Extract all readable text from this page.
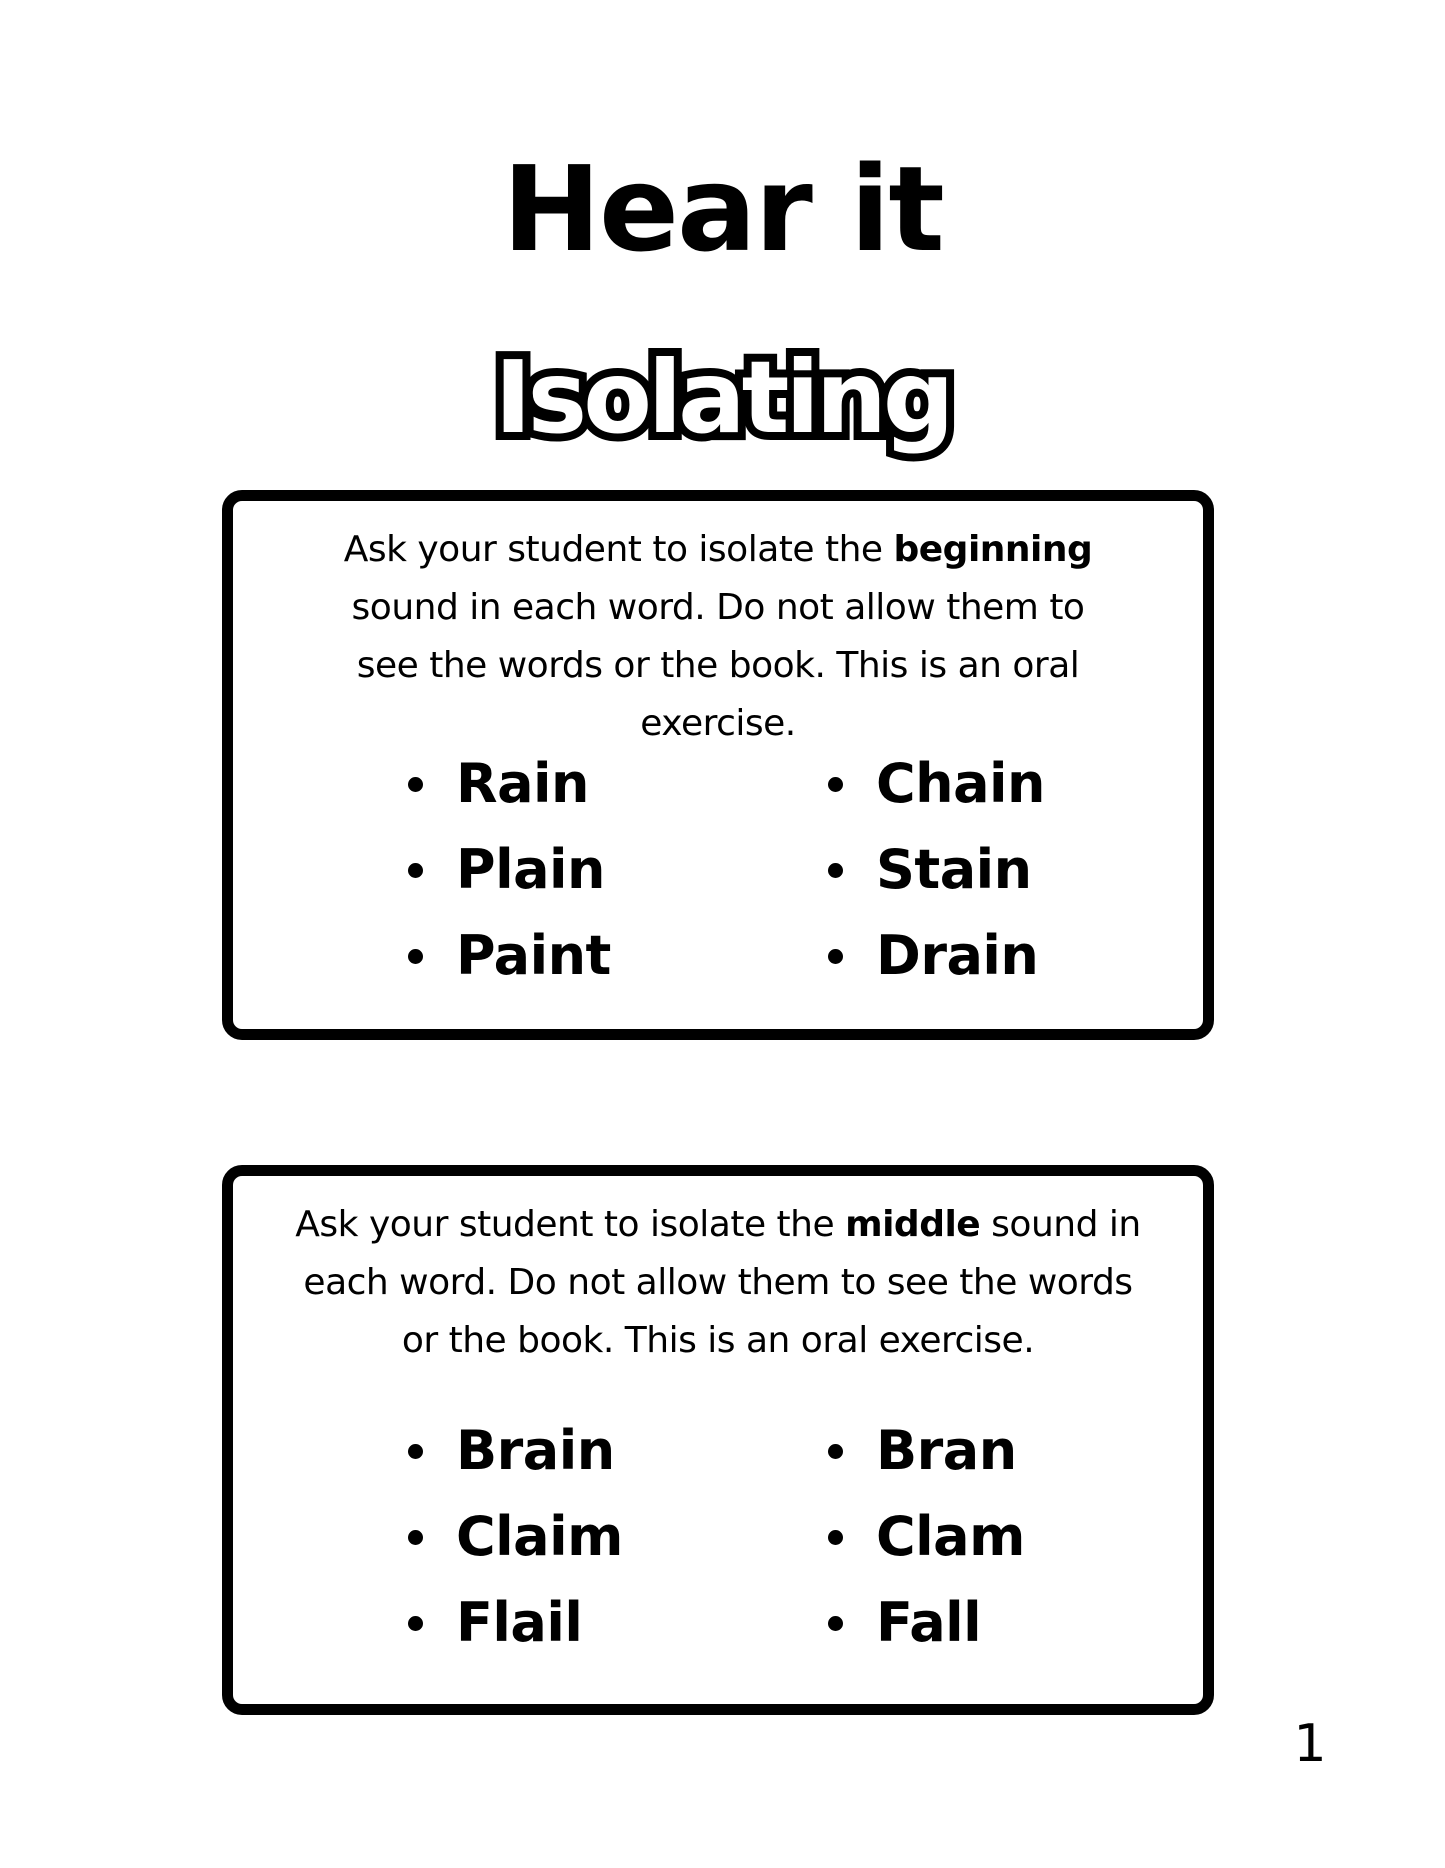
Hear it
Isolating
Ask your student to isolate the beginning sound in each word. Do not allow them to see the words or the book. This is an oral exercise.
Rain
Plain
Paint
Chain
Stain
Drain
Ask your student to isolate the middle sound in each word. Do not allow them to see the words or the book. This is an oral exercise.
Brain
Claim
Flail
Bran
Clam
Fall
1
